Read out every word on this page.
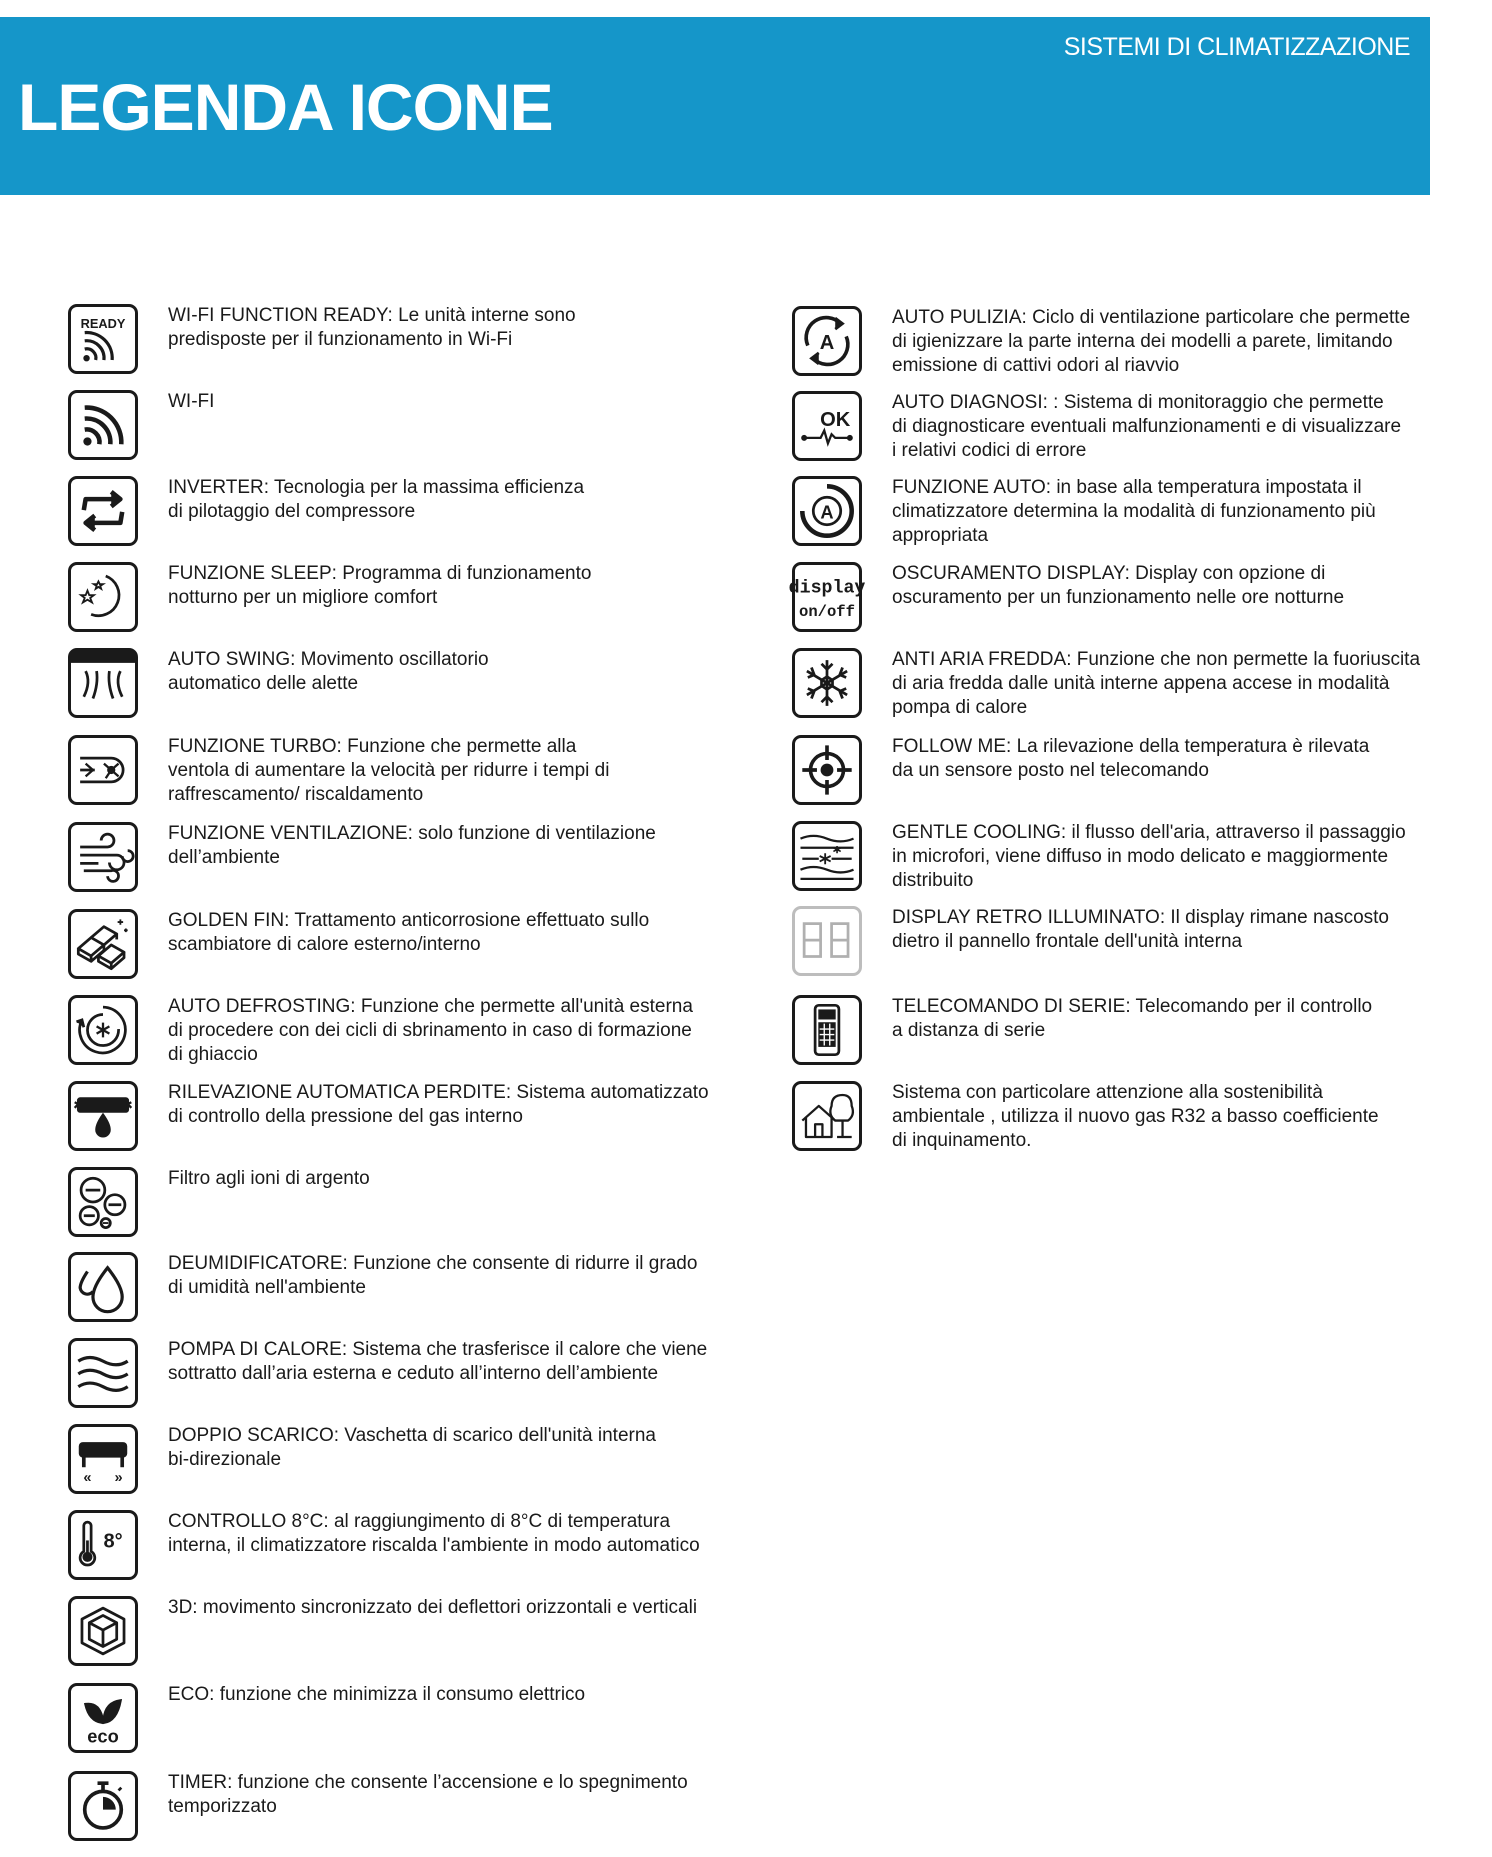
SISTEMI DI CLIMATIZZAZIONE
LEGENDA ICONE
READY WI-FI FUNCTION READY: Le unità interne sono
predisposte per il funzionamento in Wi-Fi
WI-FI
INVERTER: Tecnologia per la massima efficienza
di pilotaggio del compressore
FUNZIONE SLEEP: Programma di funzionamento
notturno per un migliore comfort
AUTO SWING: Movimento oscillatorio
automatico delle alette
FUNZIONE TURBO: Funzione che permette alla
ventola di aumentare la velocità per ridurre i tempi di
raffrescamento/ riscaldamento
FUNZIONE VENTILAZIONE: solo funzione di ventilazione
dell’ambiente
GOLDEN FIN: Trattamento anticorrosione effettuato sullo
scambiatore di calore esterno/interno
AUTO DEFROSTING: Funzione che permette all'unità esterna
di procedere con dei cicli di sbrinamento in caso di formazione
di ghiaccio
RILEVAZIONE AUTOMATICA PERDITE: Sistema automatizzato
di controllo della pressione del gas interno
Filtro agli ioni di argento
DEUMIDIFICATORE: Funzione che consente di ridurre il grado
di umidità nell'ambiente
POMPA DI CALORE: Sistema che trasferisce il calore che viene
sottratto dall’aria esterna e ceduto all’interno dell’ambiente
« »
DOPPIO SCARICO: Vaschetta di scarico dell'unità interna
bi-direzionale
8°
CONTROLLO 8°C: al raggiungimento di 8°C di temperatura
interna, il climatizzatore riscalda l'ambiente in modo automatico
3D: movimento sincronizzato dei deflettori orizzontali e verticali
eco
ECO: funzione che minimizza il consumo elettrico
TIMER: funzione che consente l’accensione e lo spegnimento
temporizzato
A
AUTO PULIZIA: Ciclo di ventilazione particolare che permette
di igienizzare la parte interna dei modelli a parete, limitando
emissione di cattivi odori al riavvio
OK
AUTO DIAGNOSI: : Sistema di monitoraggio che permette
di diagnosticare eventuali malfunzionamenti e di visualizzare
i relativi codici di errore
A
FUNZIONE AUTO: in base alla temperatura impostata il
climatizzatore determina la modalità di funzionamento più
appropriata
display
on/off
OSCURAMENTO DISPLAY: Display con opzione di
oscuramento per un funzionamento nelle ore notturne
ANTI ARIA FREDDA: Funzione che non permette la fuoriuscita
di aria fredda dalle unità interne appena accese in modalità
pompa di calore
FOLLOW ME: La rilevazione della temperatura è rilevata
da un sensore posto nel telecomando
GENTLE COOLING: il flusso dell'aria, attraverso il passaggio
in microfori, viene diffuso in modo delicato e maggiormente
distribuito
DISPLAY RETRO ILLUMINATO: Il display rimane nascosto
dietro il pannello frontale dell'unità interna
TELECOMANDO DI SERIE: Telecomando per il controllo
a distanza di serie
Sistema con particolare attenzione alla sostenibilità
ambientale , utilizza il nuovo gas R32 a basso coefficiente
di inquinamento.
